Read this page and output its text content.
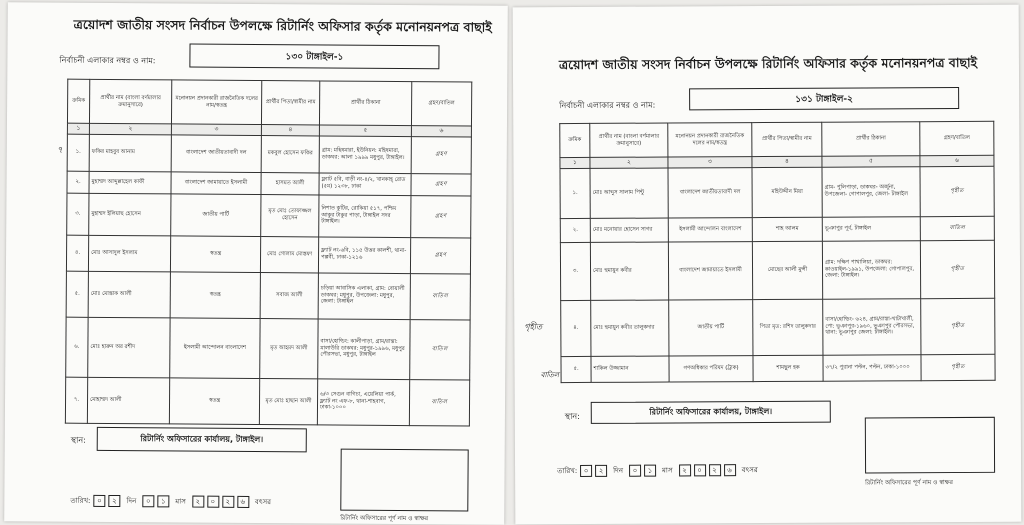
ত্রয়োদশ জাতীয় সংসদ নির্বাচন উপলক্ষে রিটার্নিং অফিসার কর্তৃক মনোনয়নপত্র বাছাই
নির্বাচনী এলাকার নম্বর ও নাম:	১৩০ টাঙ্গাইল-১
৭
ক্রমিক	প্রার্থীর নাম (বাংলা বর্ণমালার ক্রমানুসারে)	মনোনয়ন প্রদানকারী রাজনৈতিক দলের নাম/স্বতন্ত্র	প্রার্থীর পিতা/স্বামীর নাম	প্রার্থীর ঠিকানা	গ্রহণ/বাতিল
১	২	৩	৪	৫	৬
১.	ফকির মাহবুব আনাম	বাংলাদেশ জাতীয়তাবাদী দল	মকবুল হোসেন ফকির	গ্রাম: মহিষমারা, ইউনিয়ন: মহিষমারা, ডাকঘর: আলা ১৯৯৯ মধুপুর, টাঙ্গাইল।	গ্রহণ
২.	মুহাম্মদ আব্দুল্লাহেল কাফী	বাংলাদেশ জামায়াতে ইসলামী	হাসমত আলী	ফ্ল্যাট ৫বি, বাড়ী নং-৪/২, খানকাহ্ রোড (৫ম) ১২৩৮, ঢাকা	গ্রহণ
৩.	মুহাম্মদ ইলিয়াছ হোসেন	জাতীয় পার্টি	মৃত মোঃ তোফাজ্জল হোসেন	নিশাত কুটির, রোকিয়া ৫১৭, পশ্চিম আকুর টাকুর পাড়া, টাঙ্গাইল সদর টাঙ্গাইল।	গ্রহণ
৪.	মোঃ আসাদুল ইসলাম	স্বতন্ত্র	মোঃ গোলাম মোস্তফা	ফ্ল্যাট নং-৬বি, ১১৫ উত্তর কালশী, থানা- পল্লবী, ঢাকা-১২১৬	গ্রহণ
৫.	মোঃ মোস্তাক আলী	স্বতন্ত্র	সবাজ আলী	চড়িয়া আবাসিক এলাকা, গ্রাম: বোয়ালী ডাকঘর: মধুপুর, উপজেলা: মধুপুর, জেলা: টাঙ্গাইল	বাতিল
৬.	মোঃ হারুন অর রশীদ	ইসলামী আন্দোলন বাংলাদেশ	মৃত আহমদ আলী	বাসা/হোল্ডিং: কালীপাড়া, গ্রাম/রাস্তা: মালাউরি ডাকঘর: মধুপুর-১৯৯৬, মধুপুর পৌরসভা, মধুপুর, টাঙ্গাইল	বাতিল
৭.	মোহাম্মদ আলী	স্বতন্ত্র	মৃত মোঃ হাছান আলী	৬/৩ সেগুন বাগিচা, এয়েলিয়া পার্ক, ফ্ল্যাট নং এফ-৮, থানা-শাহবাগ, ঢাকা-১০০০	বাতিল
স্থান:	রিটার্নিং অফিসারের কার্যালয়, টাঙ্গাইল।
তারিখ: ০	২	দিন	০	১	মাস	২	০	২	৬	বৎসর
রিটার্নিং অফিসারের পূর্ণ নাম ও স্বাক্ষর
ত্রয়োদশ জাতীয় সংসদ নির্বাচন উপলক্ষে রিটার্নিং অফিসার কর্তৃক মনোনয়নপত্র বাছাই
নির্বাচনী এলাকার নম্বর ও নাম:
১৩১ টাঙ্গাইল-২
গৃহীত
বাতিল
ক্রমিক	প্রার্থীর নাম (বাংলা বর্ণমালার ক্রমানুসারে)	মনোনয়ন প্রদানকারী রাজনৈতিক দলের নাম/স্বতন্ত্র	প্রার্থীর পিতা/স্বামীর নাম	প্রার্থীর ঠিকানা	গ্রহণ/বাতিল
১	২	৩	৪	৫	৬
১.	মোঃ আব্দুস সালাম পিন্টু	বাংলাদেশ জাতীয়তাবাদী দল	মহিউদ্দীন মিয়া	গ্রাম- পুলিপাড়া, ডাকঘর- অর্জুনা, উপজেলা- গোপালপুর, জেলা- টাঙ্গাইল	গৃহীত
২.	মোঃ মনোয়ার হোসেন সাগর	ইসলামী আন্দোলন বাংলাদেশ	শাহ আলম	ভূঞাপুর পূর্ব, টাঙ্গাইল	বাতিল
৩.	মোঃ হুমায়ুন কবীর	বাংলাদেশ জামায়াতে ইসলামী	মোছের আলী মুন্সী	গ্রাম: দক্ষিণ পাথালিয়া, ডাকঘর: কাওয়াইল-১৯৯১, উপজেলা: গোপালপুর, জেলা: টাঙ্গাইল।	গৃহীত
৪.	মোঃ হুমায়ুন কবীর তালুকদার	জাতীয় পার্টি	পিতা মৃত: রশিদ তালুকদার	বাসা/হোল্ডিং- ৬২৪, গ্রাম/রাস্তা-খাটাখালী, পো: ভূঞাপুর-১৯৬০, ভূঞাপুর পৌরসভা, থানা: ভূঞাপুর জেলা: টাঙ্গাইল।	গৃহীত
৫.	শাকিল উজ্জামান	গণঅধিকার পরিষদ (ট্রাক)	শামছুল হক	৩৭/২ পুরানা পল্টন, পল্টন, ঢাকা-১০০০	গৃহীত
স্থান:
রিটার্নিং অফিসারের কার্যালয়, টাঙ্গাইল।
তারিখ: ০	২	দিন	০	১	মাস	২	০	২	৬	বৎসর
রিটার্নিং অফিসারের পূর্ণ নাম ও স্বাক্ষর
